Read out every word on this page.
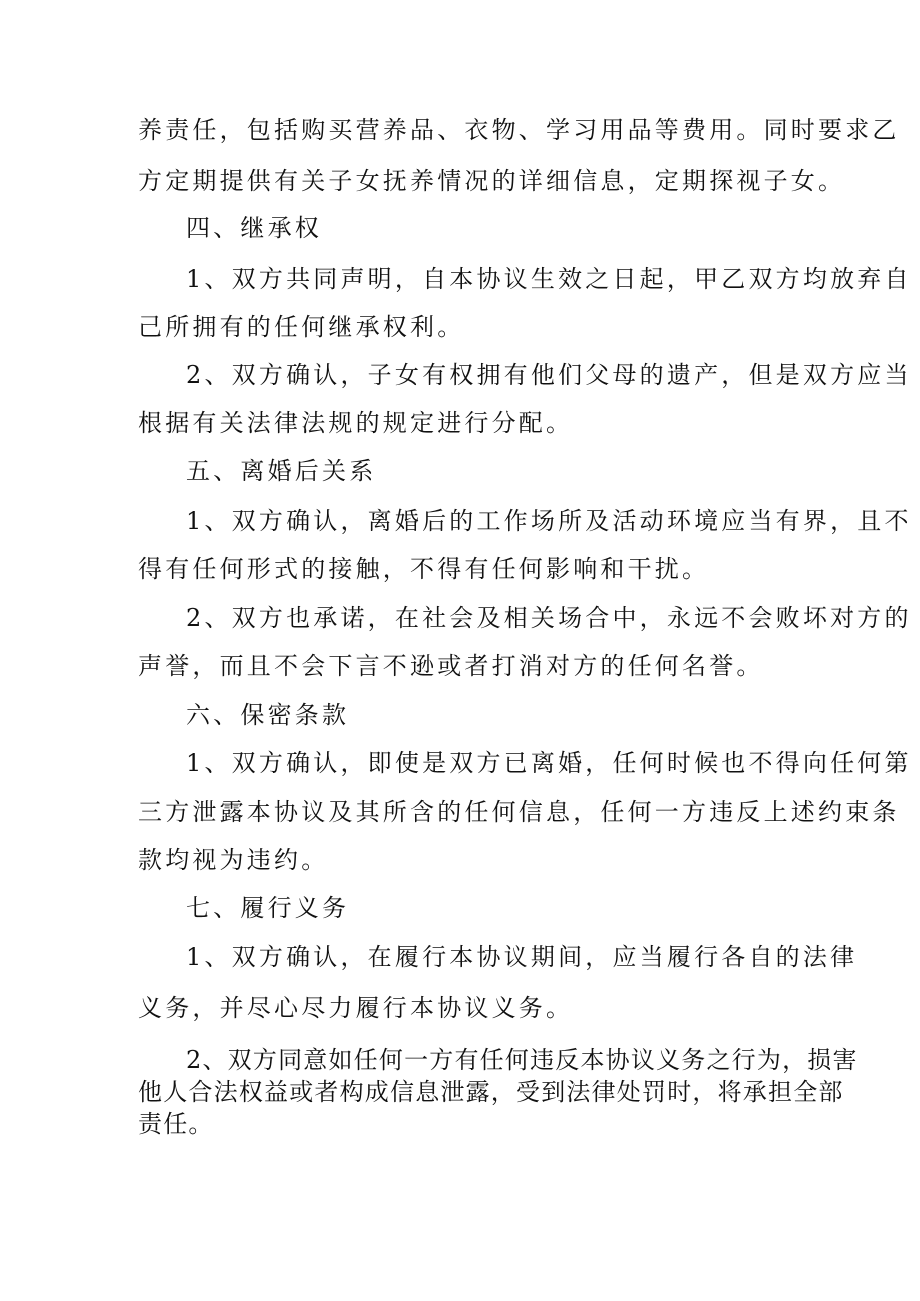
养责任，包括购买营养品、衣物、学习用品等费用。同时要求乙
方定期提供有关子女抚养情况的详细信息，定期探视子女。
四、继承权
1、双方共同声明，自本协议生效之日起，甲乙双方均放弃自
己所拥有的任何继承权利。
2、双方确认，子女有权拥有他们父母的遗产，但是双方应当
根据有关法律法规的规定进行分配。
五、离婚后关系
1、双方确认，离婚后的工作场所及活动环境应当有界，且不
得有任何形式的接触，不得有任何影响和干扰。
2、双方也承诺，在社会及相关场合中，永远不会败坏对方的
声誉，而且不会下言不逊或者打消对方的任何名誉。
六、保密条款
1、双方确认，即使是双方已离婚，任何时候也不得向任何第
三方泄露本协议及其所含的任何信息，任何一方违反上述约束条
款均视为违约。
七、履行义务
1、双方确认，在履行本协议期间，应当履行各自的法律
义务，并尽心尽力履行本协议义务。
2、双方同意如任何一方有任何违反本协议义务之行为，损害
他人合法权益或者构成信息泄露，受到法律处罚时，将承担全部
责任。
